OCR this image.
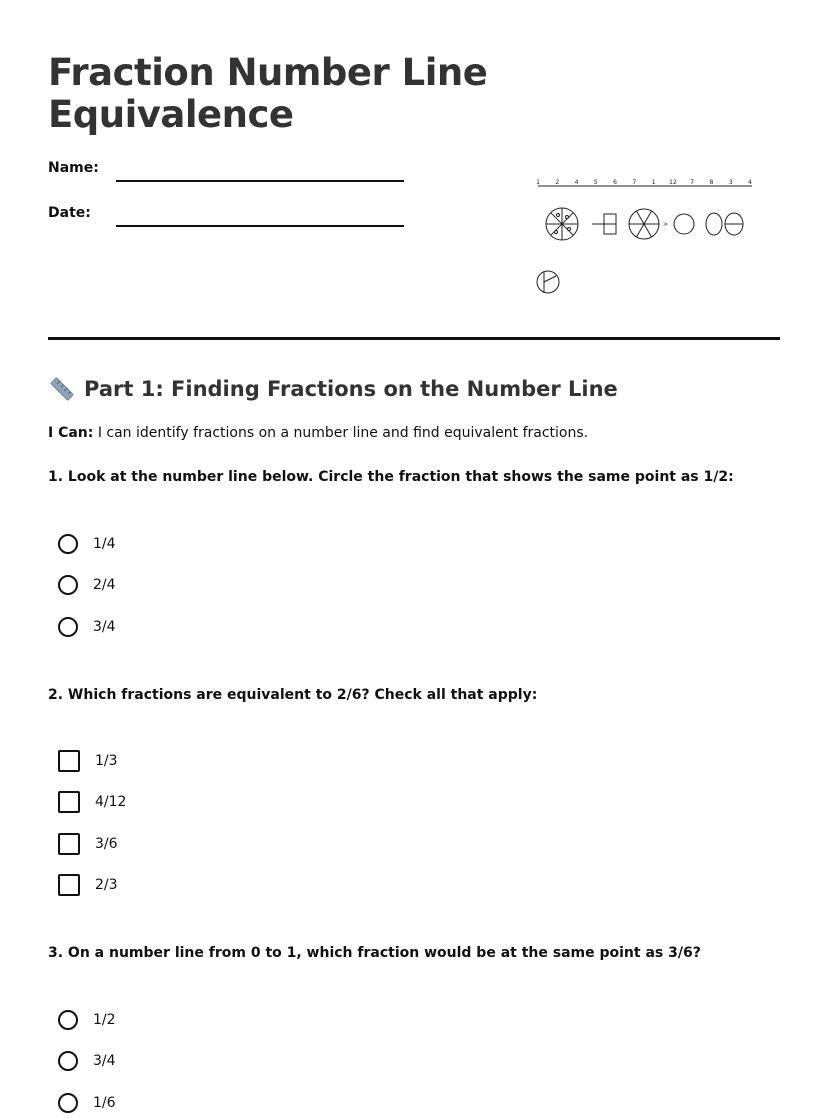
Fraction Number Line Equivalence
Name:
Date:
1	2	4	5	6	7	1 12 7	8	3	4
>
Part 1: Finding Fractions on the Number Line
I Can: I can identify fractions on a number line and find equivalent fractions.
1. Look at the number line below. Circle the fraction that shows the same point as 1/2:
1/4
2/4
3/4
2. Which fractions are equivalent to 2/6? Check all that apply:
1/3
4/12
3/6
2/3
3. On a number line from 0 to 1, which fraction would be at the same point as 3/6?
1/2
3/4
1/6
